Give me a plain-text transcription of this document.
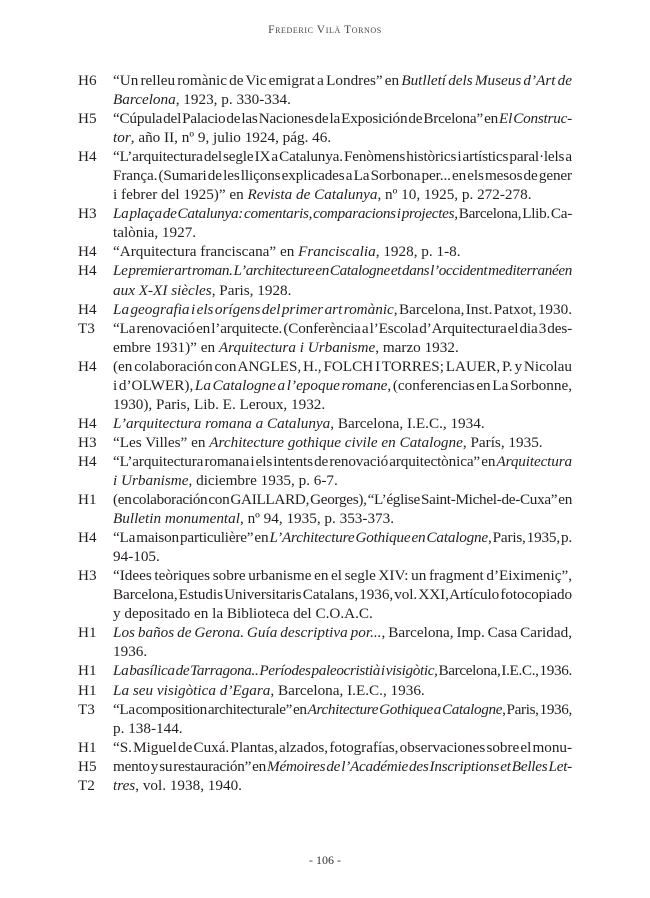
Frederic Vilà Tornos
H6	“Un relleu romànic de Vic emigrat a Londres” en Butlletí dels Museus d’Art de
Barcelona, 1923, p. 330-334.
H5	“Cúpula del Palacio de las Naciones de la Exposición de Brcelona” en El Construc-
tor, año II, nº 9, julio 1924, pág. 46.
H4	“L’arquitectura del segle IX a Catalunya. Fenòmens històrics i artístics paral·lels a
França. (Sumari de les lliçons explicades a La Sorbona per... en els mesos de gener
i febrer del 1925)” en Revista de Catalunya, nº 10, 1925, p. 272-278.
H3	La plaça de Catalunya: comentaris, comparacions i projectes, Barcelona, Llib. Ca-
talònia, 1927.
H4	“Arquitectura franciscana” en Franciscalia, 1928, p. 1-8.
H4	Le premier art roman. L’architecture en Catalogne et dans l’occident mediterranéen
aux X-XI siècles, Paris, 1928.
H4	La geografia i els orígens del primer art romànic, Barcelona, Inst. Patxot, 1930.
T3	“La renovació en l’arquitecte. (Conferència a l’Escola d’Arquitectura el dia 3 des-
embre 1931)” en Arquitectura i Urbanisme, marzo 1932.
H4	(en colaboración con ANGLES, H., FOLCH I TORRES; LAUER, P. y Nicolau
i d’OLWER), La Catalogne a l’epoque romane, (conferencias en La Sorbonne,
1930), Paris, Lib. E. Leroux, 1932.
H4	L’arquitectura romana a Catalunya, Barcelona, I.E.C., 1934.
H3	“Les Villes” en Architecture gothique civile en Catalogne, París, 1935.
H4	“L’arquitectura romana i els intents de renovació arquitectònica” en Arquitectura
i Urbanisme, diciembre 1935, p. 6-7.
H1	(en colaboración con GAILLARD, Georges), “L’église Saint-Michel-de-Cuxa” en
Bulletin monumental, nº 94, 1935, p. 353-373.
H4	“La maison particulière” en L’Architecture Gothique en Catalogne, Paris, 1935, p.
94-105.
H3	“Idees teòriques sobre urbanisme en el segle XIV: un fragment d’Eiximeniç”,
Barcelona, Estudis Universitaris Catalans, 1936, vol. XXI, Artículo fotocopiado
y depositado en la Biblioteca del C.O.A.C.
H1	Los baños de Gerona. Guía descriptiva por..., Barcelona, Imp. Casa Caridad,
1936.
H1	La basílica de Tarragona.. Períodes paleocristià i visigòtic, Barcelona, I.E.C., 1936.
H1	La seu visigòtica d’Egara, Barcelona, I.E.C., 1936.
T3	“La composition architecturale” en Architecture Gothique a Catalogne, Paris, 1936,
p. 138-144.
H1	“S. Miguel de Cuxá. Plantas, alzados, fotografías, observaciones sobre el monu-
H5	mento y su restauración” en Mémoires de l’Académie des Inscriptions et Belles Let-
T2	tres, vol. 1938, 1940.
- 106 -
